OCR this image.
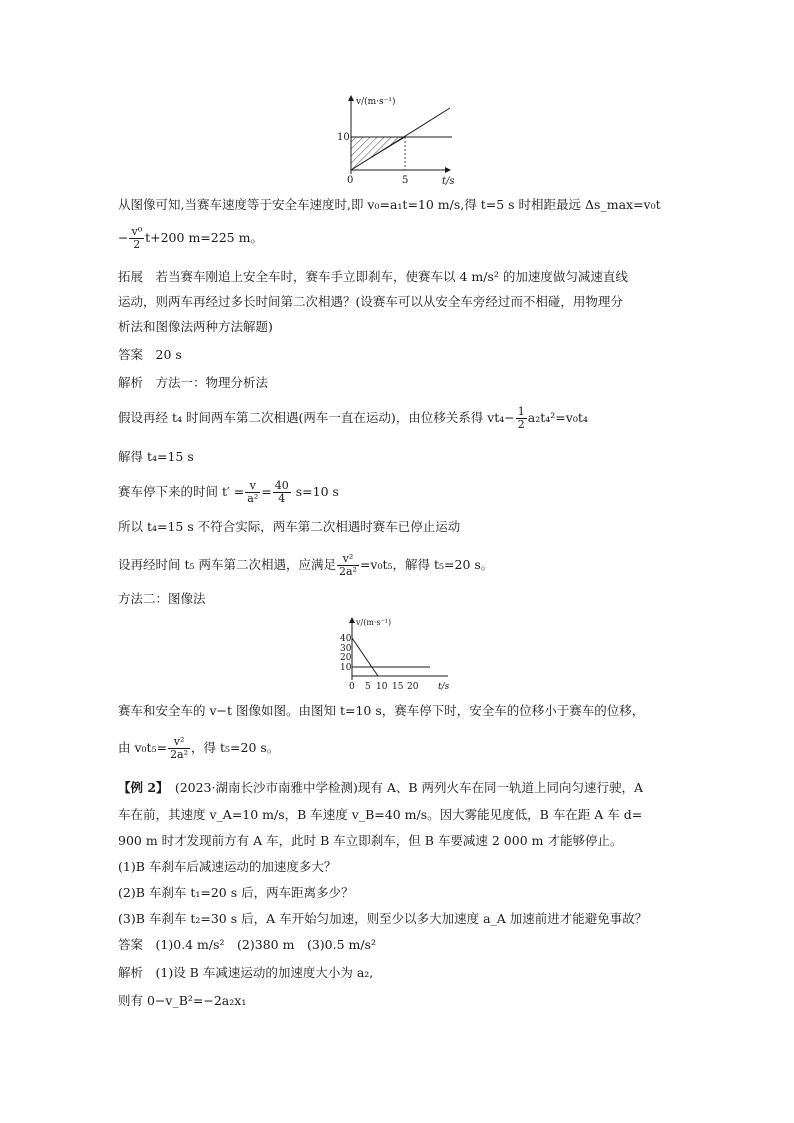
v/(m·s⁻¹)
t/s
0
10
5
从图像可知,当赛车速度等于安全车速度时,即 v₀=a₁t=10 m/s,得 t=5 s 时相距最远 Δs_max=v₀t
− $\frac{\text{v⁰}}{2} t+200$ m=225 m。
拓展　若当赛车刚追上安全车时，赛车手立即刹车，使赛车以 4 m/s² 的加速度做匀减速直线
运动，则两车再经过多长时间第二次相遇？(设赛车可以从安全车旁经过而不相碰，用物理分
析法和图像法两种方法解题)
答案　20 s
解析　方法一：物理分析法
假设再经 t₄ 时间两车第二次相遇(两车一直在运动)，由位移关系得 $vt_4- \frac{1}{2} a_2t_4^2=v_0t_4$
解得 t₄=15 s
赛车停下来的时间 $t' = \frac{v}{\text{a²}} = \frac{40}{4} s=10$ s
所以 t₄=15 s 不符合实际，两车第二次相遇时赛车已停止运动
设再经时间 t₅ 两车第二次相遇，应满足 $\frac{\text{v²}}{\text{2a²}} =v_0t_5$，解得 t₅=20 s。
方法二：图像法
v/(m·s⁻¹)
40
30
20
10
0 5 10 15 20 t/s
赛车和安全车的 v−t 图像如图。由图知 t=10 s，赛车停下时，安全车的位移小于赛车的位移，
由 $v_0t_5= \frac{\text{v²}}{\text{2a²}}$ ，得 t₅=20 s。
【例 2】　(2023·湖南长沙市南雅中学检测)现有 A、B 两列火车在同一轨道上同向匀速行驶，A
车在前，其速度 v_A=10 m/s，B 车速度 v_B=40 m/s。因大雾能见度低，B 车在距 A 车 d=
900 m 时才发现前方有 A 车，此时 B 车立即刹车，但 B 车要减速 2 000 m 才能够停止。
(1)B 车刹车后减速运动的加速度多大？
(2)B 车刹车 t₁=20 s 后，两车距离多少？
(3)B 车刹车 t₂=30 s 后，A 车开始匀加速，则至少以多大加速度 a_A 加速前进才能避免事故？
答案　(1)0.4 m/s²　(2)380 m　(3)0.5 m/s²
解析　(1)设 B 车减速运动的加速度大小为 a₂,
则有 0−v_B²=−2a₂x₁
